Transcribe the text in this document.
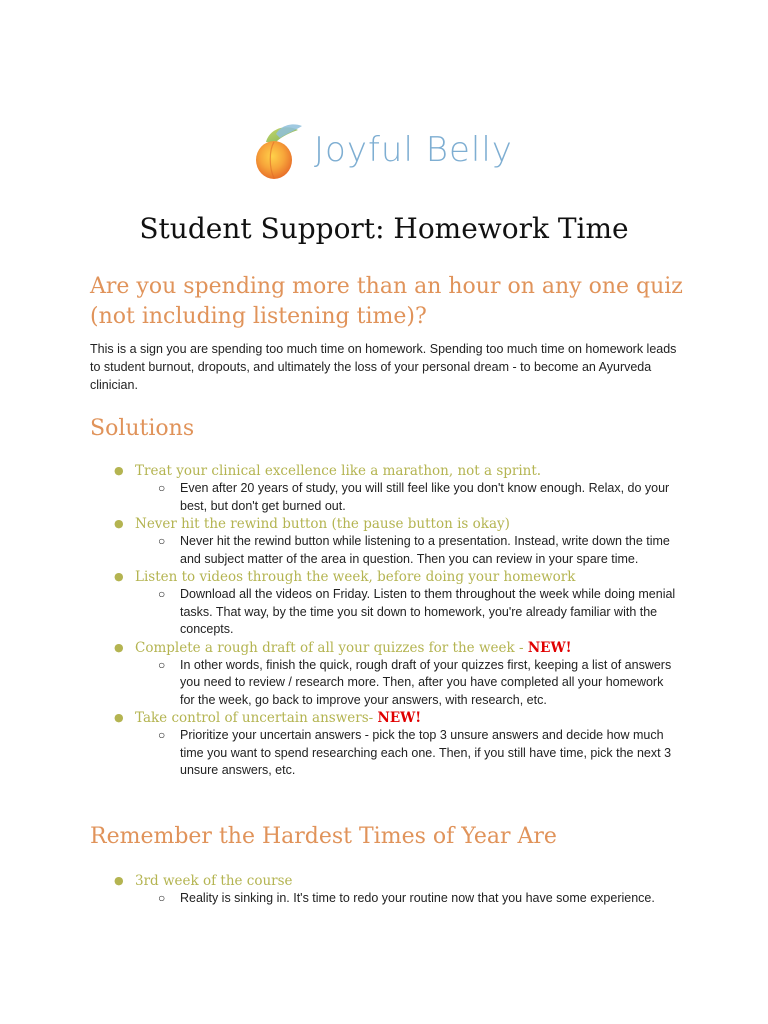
Joyful Belly
Student Support: Homework Time
Are you spending more than an hour on any one quiz (not including listening time)?

This is a sign you are spending too much time on homework. Spending too much time on homework leads to student burnout, dropouts, and ultimately the loss of your personal dream - to become an Ayurveda clinician.

Solutions
● Treat your clinical excellence like a marathon, not a sprint.
○ Even after 20 years of study, you will still feel like you don't know enough. Relax, do your best, but don't get burned out.
● Never hit the rewind button (the pause button is okay)
○ Never hit the rewind button while listening to a presentation. Instead, write down the time and subject matter of the area in question. Then you can review in your spare time.
● Listen to videos through the week, before doing your homework
○ Download all the videos on Friday. Listen to them throughout the week while doing menial tasks. That way, by the time you sit down to homework, you're already familiar with the concepts.
● Complete a rough draft of all your quizzes for the week - NEW!
○ In other words, finish the quick, rough draft of your quizzes first, keeping a list of answers you need to review / research more. Then, after you have completed all your homework for the week, go back to improve your answers, with research, etc.
● Take control of uncertain answers- NEW!
○ Prioritize your uncertain answers - pick the top 3 unsure answers and decide how much time you want to spend researching each one. Then, if you still have time, pick the next 3 unsure answers, etc.
Remember the Hardest Times of Year Are
● 3rd week of the course
○ Reality is sinking in. It's time to redo your routine now that you have some experience.
